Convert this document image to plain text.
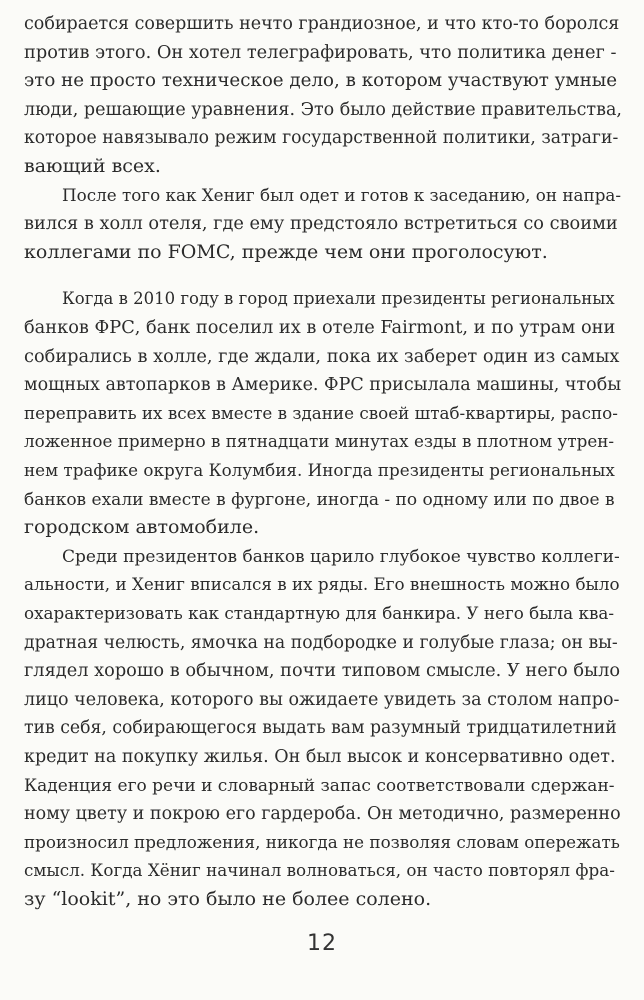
собирается совершить нечто грандиозное, и что кто-то боролся
против этого. Он хотел телеграфировать, что политика денег -
это не просто техническое дело, в котором участвуют умные
люди, решающие уравнения. Это было действие правительства,
которое навязывало режим государственной политики, затраги-
вающий всех.
После того как Хениг был одет и готов к заседанию, он напра-
вился в холл отеля, где ему предстояло встретиться со своими
коллегами по FOMC, прежде чем они проголосуют.
Когда в 2010 году в город приехали президенты региональных
банков ФРС, банк поселил их в отеле Fairmont, и по утрам они
собирались в холле, где ждали, пока их заберет один из самых
мощных автопарков в Америке. ФРС присылала машины, чтобы
переправить их всех вместе в здание своей штаб-квартиры, распо-
ложенное примерно в пятнадцати минутах езды в плотном утрен-
нем трафике округа Колумбия. Иногда президенты региональных
банков ехали вместе в фургоне, иногда - по одному или по двое в
городском автомобиле.
Среди президентов банков царило глубокое чувство коллеги-
альности, и Хениг вписался в их ряды. Его внешность можно было
охарактеризовать как стандартную для банкира. У него была ква-
дратная челюсть, ямочка на подбородке и голубые глаза; он вы-
глядел хорошо в обычном, почти типовом смысле. У него было
лицо человека, которого вы ожидаете увидеть за столом напро-
тив себя, собирающегося выдать вам разумный тридцатилетний
кредит на покупку жилья. Он был высок и консервативно одет.
Каденция его речи и словарный запас соответствовали сдержан-
ному цвету и покрою его гардероба. Он методично, размеренно
произносил предложения, никогда не позволяя словам опережать
смысл. Когда Хёниг начинал волноваться, он часто повторял фра-
зу “lookit”, но это было не более солено.
12
